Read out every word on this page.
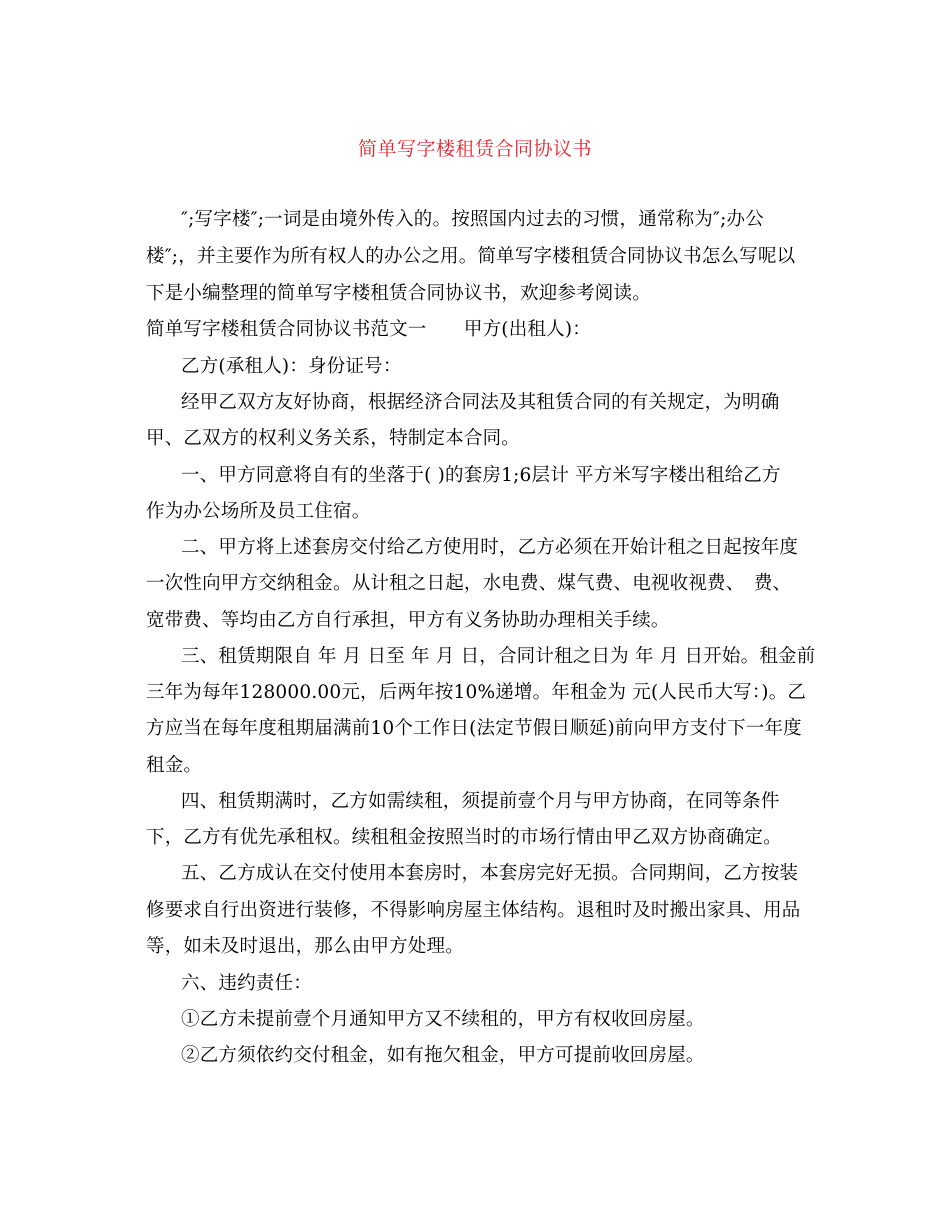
简单写字楼租赁合同协议书
″;写字楼″;一词是由境外传入的。按照国内过去的习惯，通常称为″;办公
楼″;，并主要作为所有权人的办公之用。简单写字楼租赁合同协议书怎么写呢以
下是小编整理的简单写字楼租赁合同协议书，欢迎参考阅读。
简单写字楼租赁合同协议书范文一　　甲方(出租人)：
乙方(承租人)：身份证号：
经甲乙双方友好协商，根据经济合同法及其租赁合同的有关规定，为明确
甲、乙双方的权利义务关系，特制定本合同。
一、甲方同意将自有的坐落于( )的套房1;6层计 平方米写字楼出租给乙方
作为办公场所及员工住宿。
二、甲方将上述套房交付给乙方使用时，乙方必须在开始计租之日起按年度
一次性向甲方交纳租金。从计租之日起，水电费、煤气费、电视收视费、　费、
宽带费、等均由乙方自行承担，甲方有义务协助办理相关手续。
三、租赁期限自 年 月 日至 年 月 日，合同计租之日为 年 月 日开始。租金前
三年为每年128000.00元，后两年按10%递增。年租金为 元(人民币大写：)。乙
方应当在每年度租期届满前10个工作日(法定节假日顺延)前向甲方支付下一年度
租金。
四、租赁期满时，乙方如需续租，须提前壹个月与甲方协商，在同等条件
下，乙方有优先承租权。续租租金按照当时的市场行情由甲乙双方协商确定。
五、乙方成认在交付使用本套房时，本套房完好无损。合同期间，乙方按装
修要求自行出资进行装修，不得影响房屋主体结构。退租时及时搬出家具、用品
等，如未及时退出，那么由甲方处理。
六、违约责任：
①乙方未提前壹个月通知甲方又不续租的，甲方有权收回房屋。
②乙方须依约交付租金，如有拖欠租金，甲方可提前收回房屋。
